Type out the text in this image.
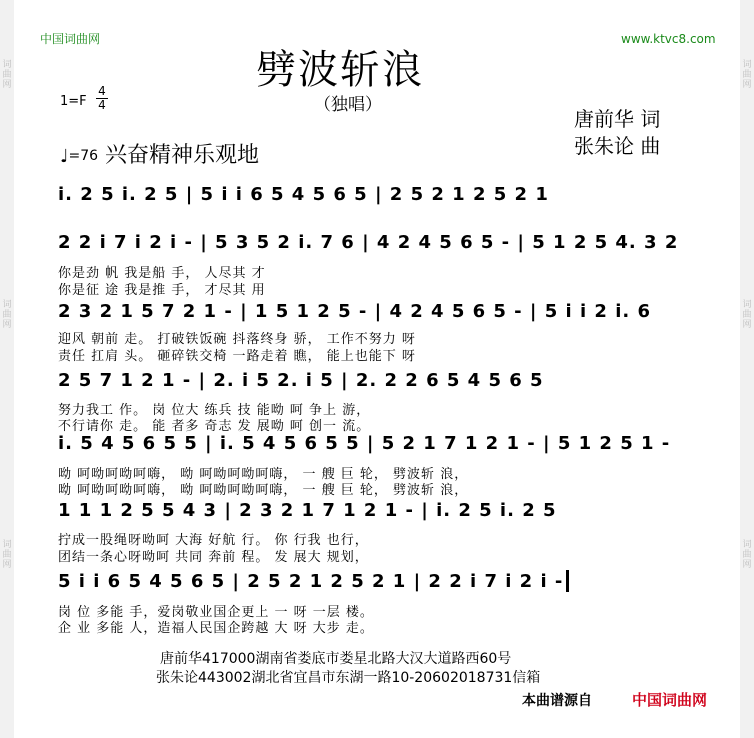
词
曲
网
词
曲
网
词
曲
网
词
曲
网
词
曲
网
词
曲
网
中国词曲网	www.ktvc8.com
劈波斩浪
（独唱）
1=F
4
4
唐前华 词
张朱论 曲
♩=76 兴奋精神乐观地
i. 2 5 i. 2 5 | 5 i i 6 5 4 5 6 5 | 2 5 2 1 2 5 2 1
2 2 i 7 i 2 i - | 5 3 5 2 i. 7 6 | 4 2 4 5 6 5 - | 5 1 2 5 4. 3 2
你是劲 帆 我是船 手， 人尽其 才
你是征 途 我是推 手， 才尽其 用
2 3 2 1 5 7 2 1 - | 1 5 1 2 5 - | 4 2 4 5 6 5 - | 5 i i 2 i. 6
迎风 朝前 走。 打破铁饭碗 抖落终身 骄， 工作不努力 呀
责任 扛肩 头。 砸碎铁交椅 一路走着 瞧， 能上也能下 呀
2 5 7 1 2 1 - | 2. i 5 2. i 5 | 2. 2 2 6 5 4 5 6 5
努力我工 作。 岗 位大 练兵 技 能呦 呵 争上 游，
不行请你 走。 能 者多 奇志 发 展呦 呵 创一 流。
i. 5 4 5 6 5 5 | i. 5 4 5 6 5 5 | 5 2 1 7 1 2 1 - | 5 1 2 5 1 -
呦 呵呦呵呦呵嗨， 呦 呵呦呵呦呵嗨， 一 艘 巨 轮， 劈波斩 浪，
呦 呵呦呵呦呵嗨， 呦 呵呦呵呦呵嗨， 一 艘 巨 轮， 劈波斩 浪，
1 1 1 2 5 5 4 3 | 2 3 2 1 7 1 2 1 - | i. 2 5 i. 2 5
拧成一股绳呀呦呵 大海 好航 行。 你 行我 也行，
团结一条心呀呦呵 共同 奔前 程。 发 展大 规划，
5 i i 6 5 4 5 6 5 | 2 5 2 1 2 5 2 1 | 2 2 i 7 i 2 i -
岗 位 多能 手，爱岗敬业国企更上 一 呀 一层 楼。
企 业 多能 人，造福人民国企跨越 大 呀 大步 走。
唐前华417000湖南省娄底市娄星北路大汉大道路西60号
张朱论443002湖北省宜昌市东湖一路10-20602018731信箱
本曲谱源自	中国词曲网
